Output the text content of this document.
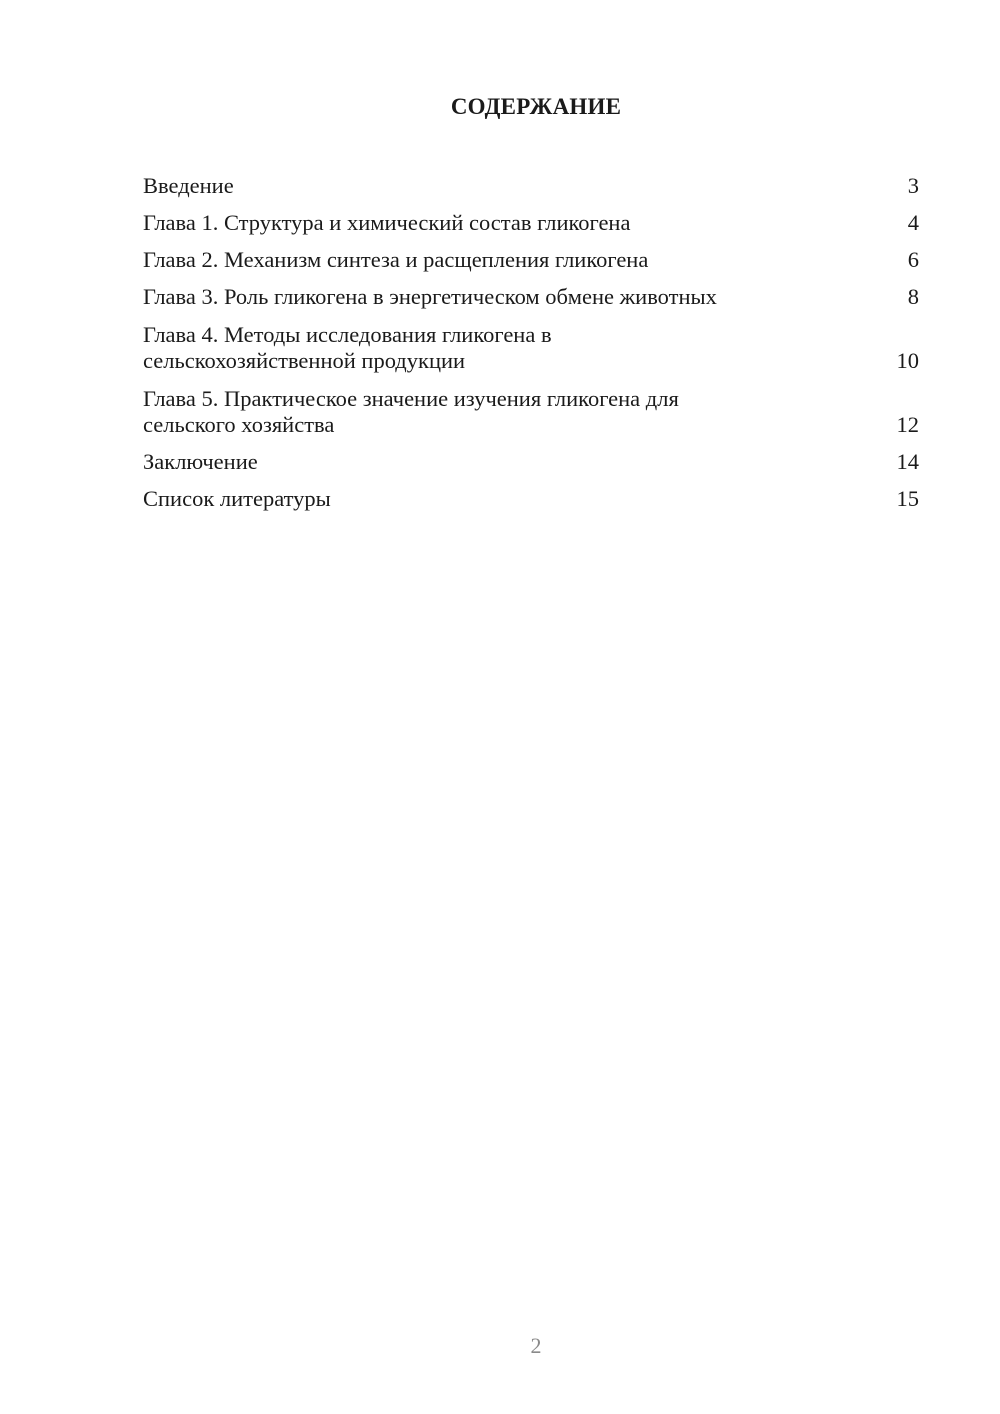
СОДЕРЖАНИЕ
Введение	3
Глава 1. Структура и химический состав гликогена	4
Глава 2. Механизм синтеза и расщепления гликогена	6
Глава 3. Роль гликогена в энергетическом обмене животных	8
Глава 4. Методы исследования гликогена в
сельскохозяйственной продукции	10
Глава 5. Практическое значение изучения гликогена для
сельского хозяйства	12
Заключение	14
Список литературы	15
2
